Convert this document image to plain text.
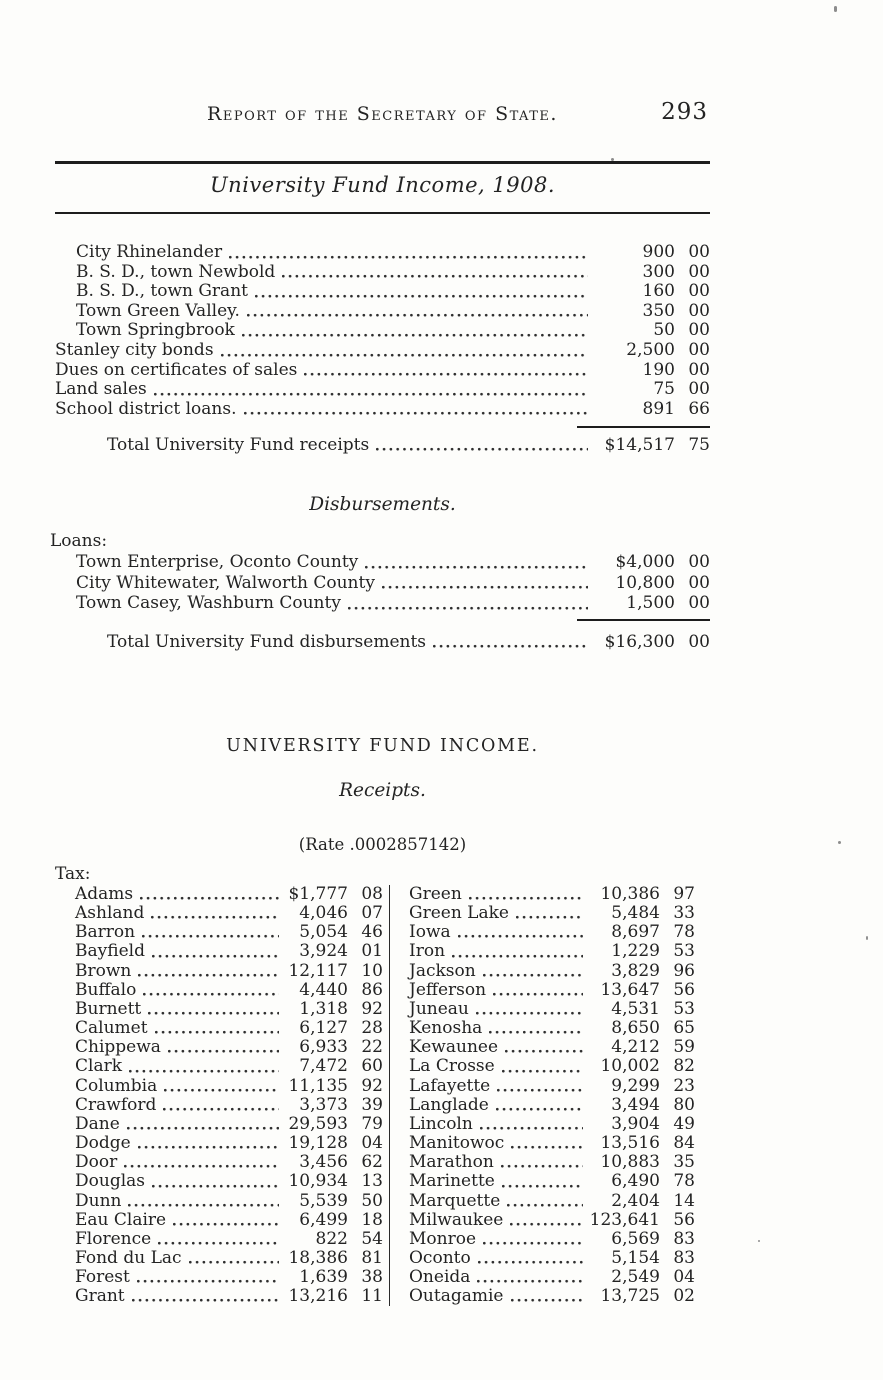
Report of the Secretary of State.	293
University Fund Income, 1908.
City Rhinelander	900 00
B. S. D., town Newbold	300 00
B. S. D., town Grant	160 00
Town Green Valley.	350 00
Town Springbrook	50 00
Stanley city bonds	2,500 00
Dues on certificates of sales	190 00
Land sales	75 00
School district loans.	891 66
Total University Fund receipts	$14,517 75
Disbursements.
Loans:
Town Enterprise, Oconto County	$4,000 00
City Whitewater, Walworth County	10,800 00
Town Casey, Washburn County	1,500 00
Total University Fund disbursements	$16,300 00
UNIVERSITY FUND INCOME.
Receipts.
(Rate .0002857142)
Tax:
Adams	$1,777 08
Ashland	4,046 07
Barron	5,054 46
Bayfield	3,924 01
Brown	12,117 10
Buffalo	4,440 86
Burnett	1,318 92
Calumet	6,127 28
Chippewa	6,933 22
Clark	7,472 60
Columbia	11,135 92
Crawford	3,373 39
Dane	29,593 79
Dodge	19,128 04
Door	3,456 62
Douglas	10,934 13
Dunn	5,539 50
Eau Claire	6,499 18
Florence	822 54
Fond du Lac	18,386 81
Forest	1,639 38
Grant	13,216 11
Green	10,386 97
Green Lake	5,484 33
Iowa	8,697 78
Iron	1,229 53
Jackson	3,829 96
Jefferson	13,647 56
Juneau	4,531 53
Kenosha	8,650 65
Kewaunee	4,212 59
La Crosse	10,002 82
Lafayette	9,299 23
Langlade	3,494 80
Lincoln	3,904 49
Manitowoc	13,516 84
Marathon	10,883 35
Marinette	6,490 78
Marquette	2,404 14
Milwaukee	123,641 56
Monroe	6,569 83
Oconto	5,154 83
Oneida	2,549 04
Outagamie	13,725 02
